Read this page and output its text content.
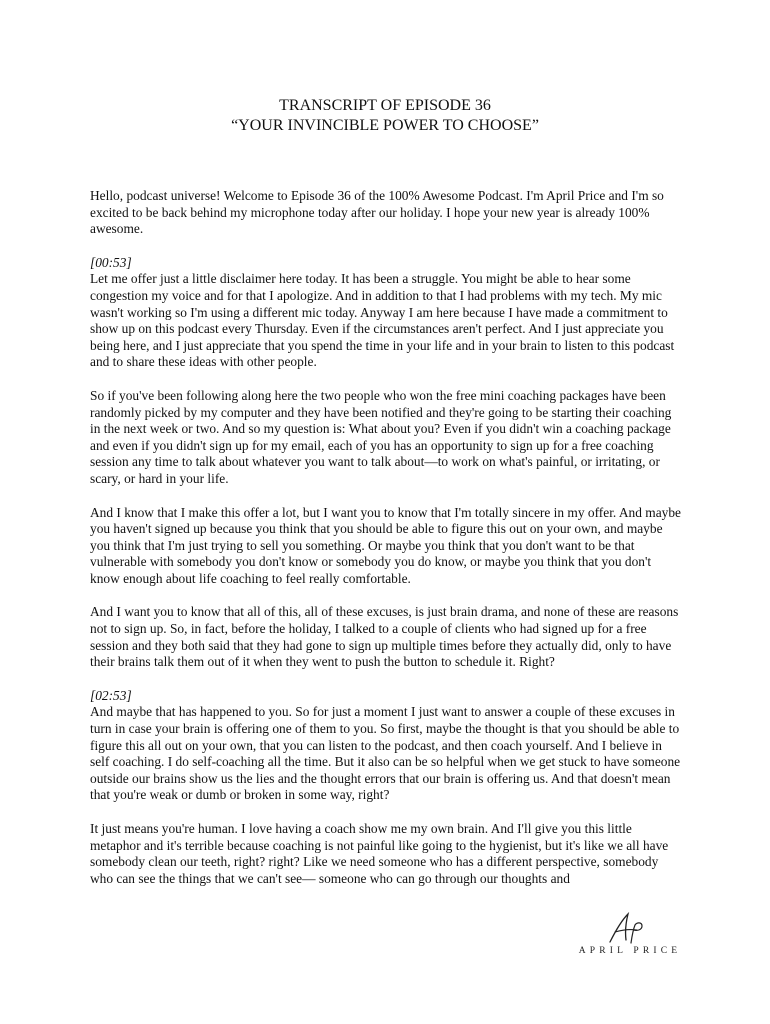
TRANSCRIPT OF EPISODE 36
“YOUR INVINCIBLE POWER TO CHOOSE”

Hello, podcast universe! Welcome to Episode 36 of the 100% Awesome Podcast. I'm April Price and I'm so excited to be back behind my microphone today after our holiday. I hope your new year is already 100% awesome.

[00:53]
Let me offer just a little disclaimer here today. It has been a struggle. You might be able to hear some congestion my voice and for that I apologize. And in addition to that I had problems with my tech. My mic wasn't working so I'm using a different mic today. Anyway I am here because I have made a commitment to show up on this podcast every Thursday. Even if the circumstances aren't perfect. And I just appreciate you being here, and I just appreciate that you spend the time in your life and in your brain to listen to this podcast and to share these ideas with other people.

So if you've been following along here the two people who won the free mini coaching packages have been randomly picked by my computer and they have been notified and they're going to be starting their coaching in the next week or two. And so my question is: What about you? Even if you didn't win a coaching package and even if you didn't sign up for my email, each of you has an opportunity to sign up for a free coaching session any time to talk about whatever you want to talk about—to work on what's painful, or irritating, or scary, or hard in your life.

And I know that I make this offer a lot, but I want you to know that I'm totally sincere in my offer. And maybe you haven't signed up because you think that you should be able to figure this out on your own, and maybe you think that I'm just trying to sell you something. Or maybe you think that you don't want to be that vulnerable with somebody you don't know or somebody you do know, or maybe you think that you don't know enough about life coaching to feel really comfortable.

And I want you to know that all of this, all of these excuses, is just brain drama, and none of these are reasons not to sign up. So, in fact, before the holiday, I talked to a couple of clients who had signed up for a free session and they both said that they had gone to sign up multiple times before they actually did, only to have their brains talk them out of it when they went to push the button to schedule it. Right?

[02:53]
And maybe that has happened to you. So for just a moment I just want to answer a couple of these excuses in turn in case your brain is offering one of them to you. So first, maybe the thought is that you should be able to figure this all out on your own, that you can listen to the podcast, and then coach yourself. And I believe in self coaching. I do self-coaching all the time. But it also can be so helpful when we get stuck to have someone outside our brains show us the lies and the thought errors that our brain is offering us. And that doesn't mean that you're weak or dumb or broken in some way, right?

It just means you're human. I love having a coach show me my own brain. And I'll give you this little metaphor and it's terrible because coaching is not painful like going to the hygienist, but it's like we all have somebody clean our teeth, right? right? Like we need someone who has a different perspective, somebody who can see the things that we can't see— someone who can go through our thoughts and

APRIL PRICE
